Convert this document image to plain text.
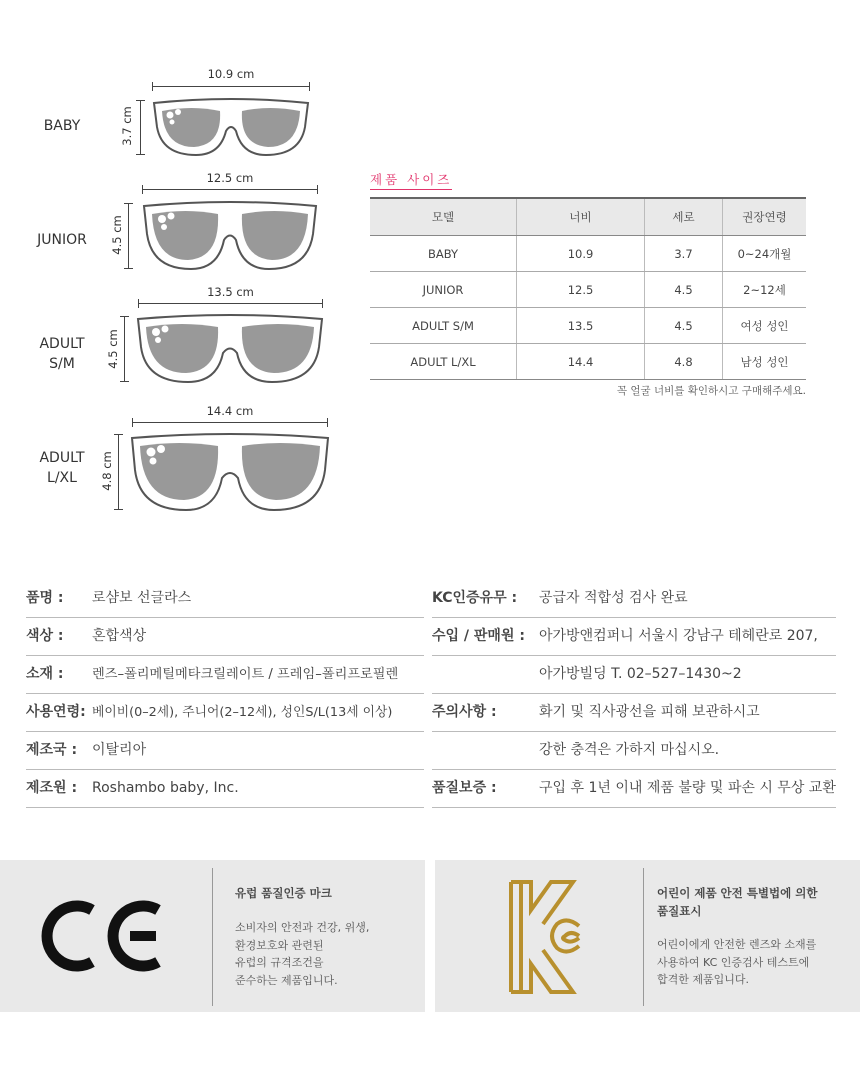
BABY
10.9 cm
3.7 cm
JUNIOR
12.5 cm
4.5 cm
ADULT
S/M
13.5 cm
4.5 cm
ADULT
L/XL
14.4 cm
4.8 cm
제품 사이즈
모델	너비	세로	권장연령
BABY	10.9	3.7	0~24개월
JUNIOR	12.5	4.5	2~12세
ADULT S/M	13.5	4.5	여성 성인
ADULT L/XL	14.4	4.8	남성 성인
꼭 얼굴 너비를 확인하시고 구매해주세요.
품명 : 로샴보 선글라스
색상 : 혼합색상
소재 : 렌즈–폴리메틸메타크릴레이트 / 프레임–폴리프로필렌
사용연령: 베이비(0–2세), 주니어(2–12세), 성인S/L(13세 이상)
제조국 : 이탈리아
제조원 : Roshambo baby, Inc.
KC인증유무 : 공급자 적합성 검사 완료
수입 / 판매원 : 아가방앤컴퍼니 서울시 강남구 테헤란로 207,
아가방빌딩 T. 02–527–1430~2
주의사항 :	화기 및 직사광선을 피해 보관하시고
강한 충격은 가하지 마십시오.
품질보증 :	구입 후 1년 이내 제품 불량 및 파손 시 무상 교환
유럽 품질인증 마크
소비자의 안전과 건강, 위생,
환경보호와 관련된
유럽의 규격조건을
준수하는 제품입니다.
어린이 제품 안전 특별법에 의한
품질표시
어린이에게 안전한 렌즈와 소재를
사용하여 KC 인증검사 테스트에
합격한 제품입니다.
